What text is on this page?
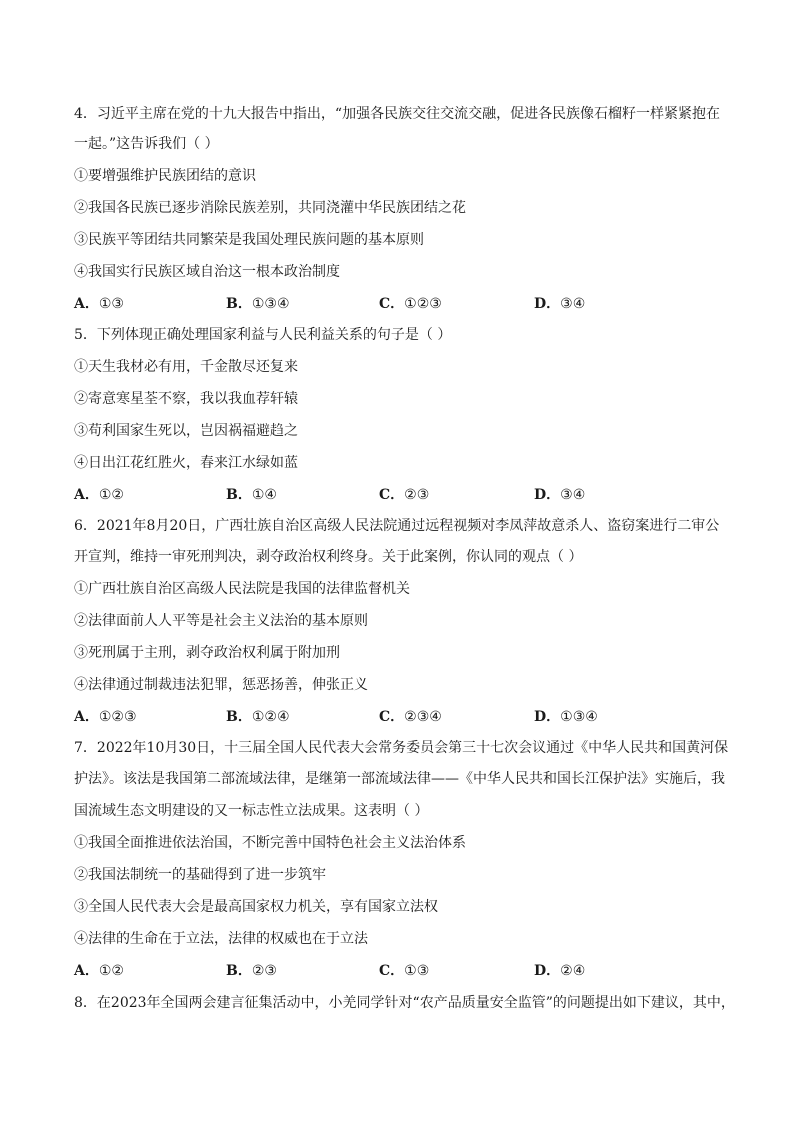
4．习近平主席在党的十九大报告中指出，“加强各民族交往交流交融，促进各民族像石榴籽一样紧紧抱在
一起。”这告诉我们（ ）
①要增强维护民族团结的意识
②我国各民族已逐步消除民族差别，共同浇灌中华民族团结之花
③民族平等团结共同繁荣是我国处理民族问题的基本原则
④我国实行民族区域自治这一根本政治制度
A．①③	B．①③④	C．①②③	D．③④
5．下列体现正确处理国家利益与人民利益关系的句子是（ ）
①天生我材必有用，千金散尽还复来
②寄意寒星荃不察，我以我血荐轩辕
③苟利国家生死以，岂因祸福避趋之
④日出江花红胜火，春来江水绿如蓝
A．①②	B．①④	C．②③	D．③④
6．2021年8月20日，广西壮族自治区高级人民法院通过远程视频对李凤萍故意杀人、盗窃案进行二审公
开宣判，维持一审死刑判决，剥夺政治权利终身。关于此案例，你认同的观点（ ）
①广西壮族自治区高级人民法院是我国的法律监督机关
②法律面前人人平等是社会主义法治的基本原则
③死刑属于主刑，剥夺政治权利属于附加刑
④法律通过制裁违法犯罪，惩恶扬善，伸张正义
A．①②③	B．①②④	C．②③④	D．①③④
7．2022年10月30日，十三届全国人民代表大会常务委员会第三十七次会议通过《中华人民共和国黄河保
护法》。该法是我国第二部流域法律，是继第一部流域法律——《中华人民共和国长江保护法》实施后，我
国流域生态文明建设的又一标志性立法成果。这表明（ ）
①我国全面推进依法治国，不断完善中国特色社会主义法治体系
②我国法制统一的基础得到了进一步筑牢
③全国人民代表大会是最高国家权力机关，享有国家立法权
④法律的生命在于立法，法律的权威也在于立法
A．①②	B．②③	C．①③	D．②④
8．在2023年全国两会建言征集活动中，小羌同学针对“农产品质量安全监管”的问题提出如下建议，其中，
